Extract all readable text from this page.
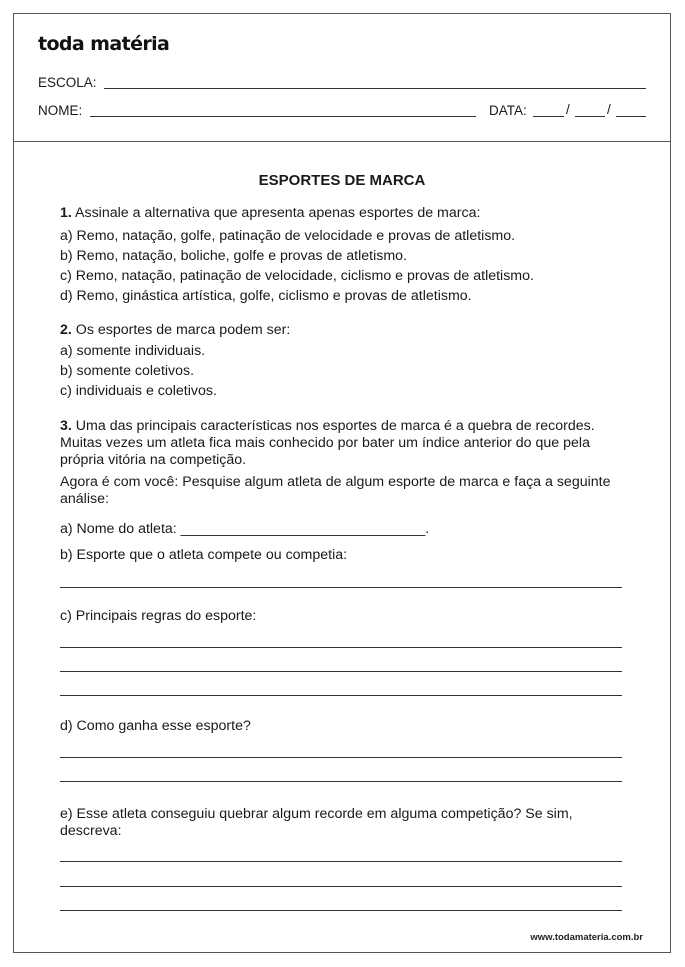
toda matéria
ESCOLA:
NOME:	DATA:	/	/
ESPORTES DE MARCA
1. Assinale a alternativa que apresenta apenas esportes de marca:
a) Remo, natação, golfe, patinação de velocidade e provas de atletismo.
b) Remo, natação, boliche, golfe e provas de atletismo.
c) Remo, natação, patinação de velocidade, ciclismo e provas de atletismo.
d) Remo, ginástica artística, golfe, ciclismo e provas de atletismo.
2. Os esportes de marca podem ser:
a) somente individuais.
b) somente coletivos.
c) individuais e coletivos.
3. Uma das principais características nos esportes de marca é a quebra de recordes. Muitas vezes um atleta fica mais conhecido por bater um índice anterior do que pela própria vitória na competição.
Agora é com você: Pesquise algum atleta de algum esporte de marca e faça a seguinte análise:
a) Nome do atleta: _______________________________.
b) Esporte que o atleta compete ou competia:
c) Principais regras do esporte:
d) Como ganha esse esporte?
e) Esse atleta conseguiu quebrar algum recorde em alguma competição? Se sim, descreva:
www.todamateria.com.br
